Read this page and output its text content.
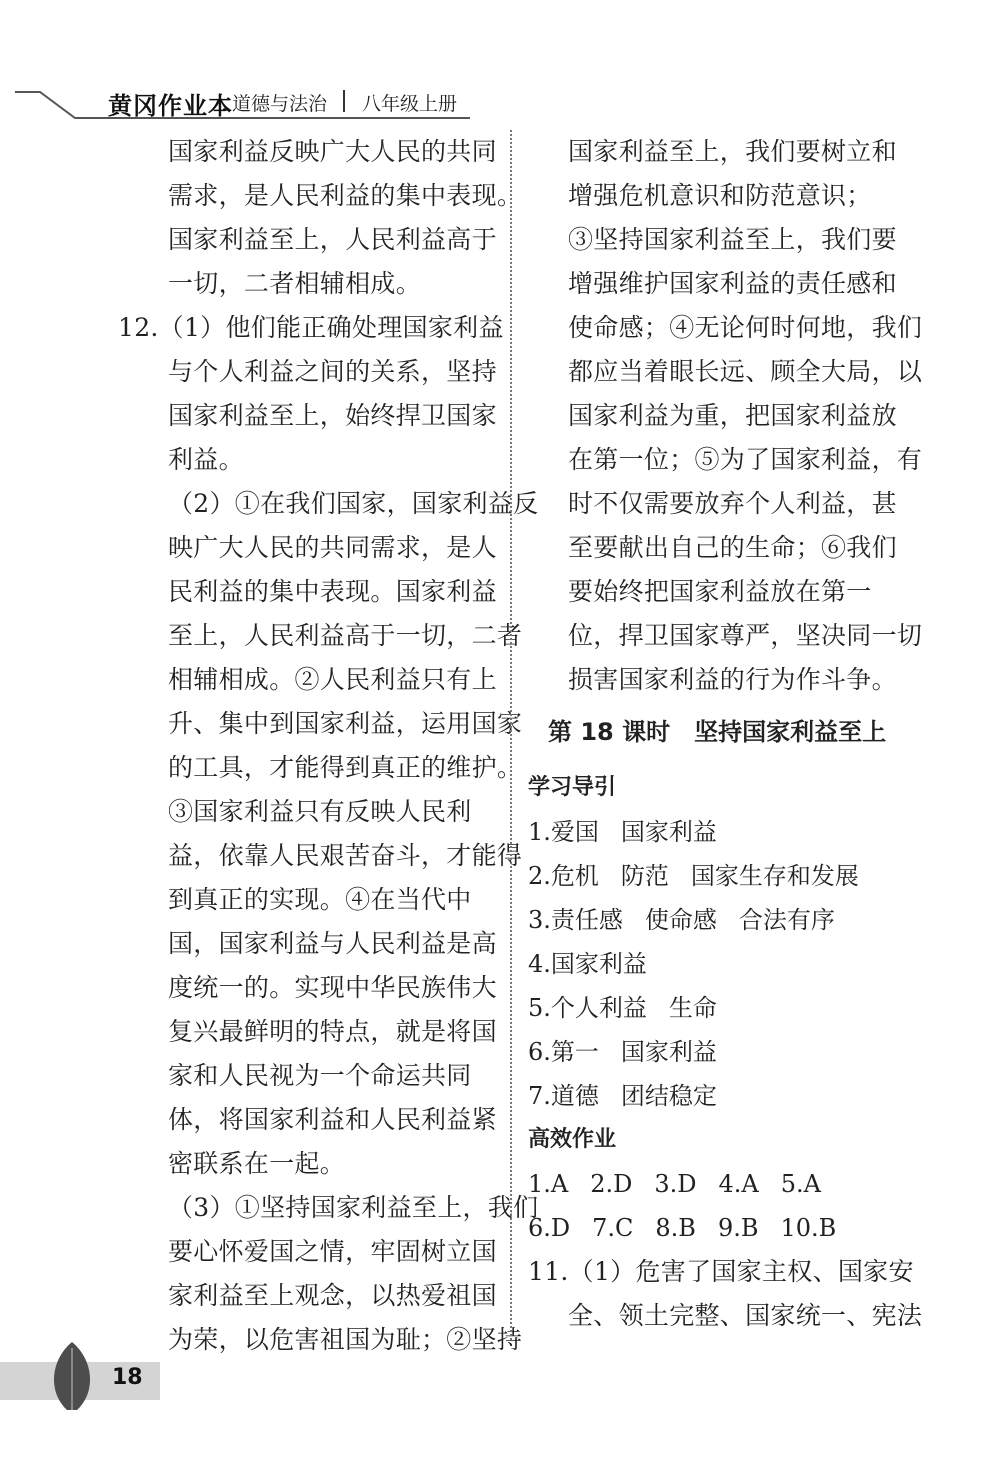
黄冈作业本 道德与法治 八年级上册
国家利益反映广大人民的共同
需求，是人民利益的集中表现。
国家利益至上，人民利益高于
一切，二者相辅相成。
12.（1）他们能正确处理国家利益
与个人利益之间的关系，坚持
国家利益至上，始终捍卫国家
利益。
（2）①在我们国家，国家利益反
映广大人民的共同需求，是人
民利益的集中表现。国家利益
至上，人民利益高于一切，二者
相辅相成。②人民利益只有上
升、集中到国家利益，运用国家
的工具，才能得到真正的维护。
③国家利益只有反映人民利
益，依靠人民艰苦奋斗，才能得
到真正的实现。④在当代中
国，国家利益与人民利益是高
度统一的。实现中华民族伟大
复兴最鲜明的特点，就是将国
家和人民视为一个命运共同
体，将国家利益和人民利益紧
密联系在一起。
（3）①坚持国家利益至上，我们
要心怀爱国之情，牢固树立国
家利益至上观念，以热爱祖国
为荣，以危害祖国为耻；②坚持
国家利益至上，我们要树立和
增强危机意识和防范意识；
③坚持国家利益至上，我们要
增强维护国家利益的责任感和
使命感；④无论何时何地，我们
都应当着眼长远、顾全大局，以
国家利益为重，把国家利益放
在第一位；⑤为了国家利益，有
时不仅需要放弃个人利益，甚
至要献出自己的生命；⑥我们
要始终把国家利益放在第一
位，捍卫国家尊严，坚决同一切
损害国家利益的行为作斗争。
第 18 课时　坚持国家利益至上
学习导引
1.爱国 国家利益
2.危机 防范 国家生存和发展
3.责任感 使命感 合法有序
4.国家利益
5.个人利益 生命
6.第一 国家利益
7.道德 团结稳定
高效作业
1.A 2.D 3.D 4.A 5.A
6.D 7.C 8.B 9.B 10.B
11.（1）危害了国家主权、国家安
全、领土完整、国家统一、宪法
18
